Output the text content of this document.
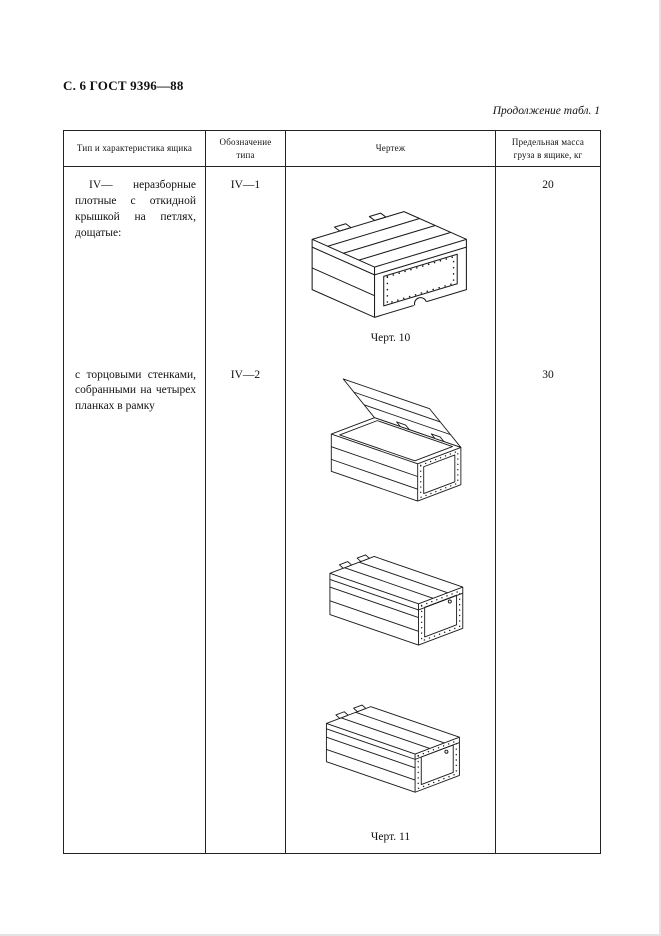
С. 6 ГОСТ 9396—88
Продолжение табл. 1
Тип и характеристика ящика	Обозначение типа	Чертеж	Предельная масса груза в ящике, кг

IV— неразборные плотные с откидной крышкой на петлях, дощатые:	IV—1	Черт. 10	20

с торцовыми стенками, собранными на четырех планках в рамку	IV—2	Черт. 11	30
